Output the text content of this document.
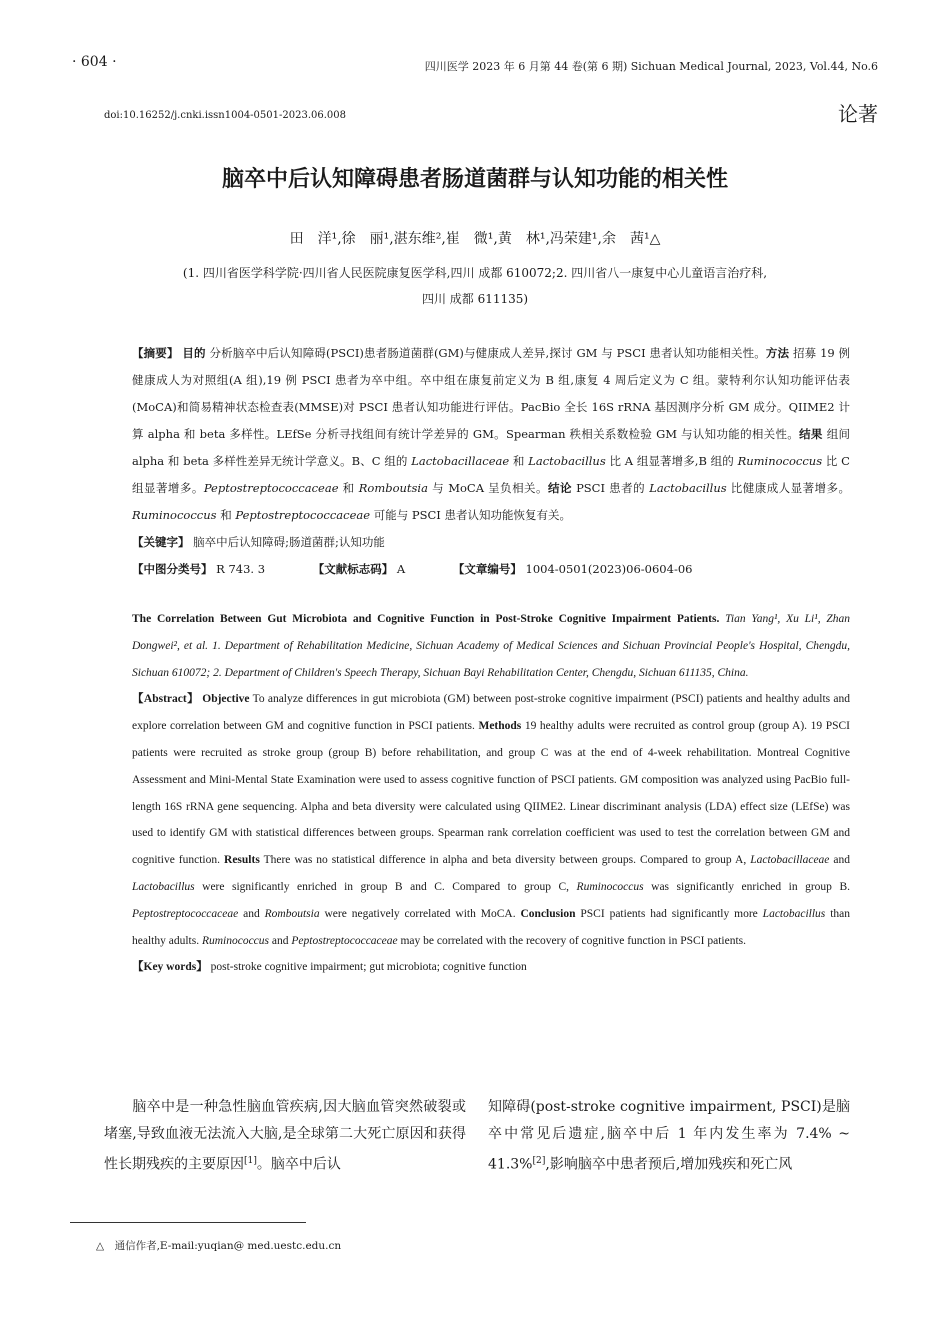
· 604 ·	四川医学 2023 年 6 月第 44 卷(第 6 期) Sichuan Medical Journal, 2023, Vol.44, No.6
doi:10.16252/j.cnki.issn1004-0501-2023.06.008	论著
脑卒中后认知障碍患者肠道菌群与认知功能的相关性
田　洋¹,徐　丽¹,湛东维²,崔　微¹,黄　林¹,冯荣建¹,余　茜¹△
(1. 四川省医学科学院·四川省人民医院康复医学科,四川 成都 610072;2. 四川省八一康复中心儿童语言治疗科,
四川 成都 611135)
【摘要】 目的 分析脑卒中后认知障碍(PSCI)患者肠道菌群(GM)与健康成人差异,探讨 GM 与 PSCI 患者认知功能相关性。方法 招募 19 例健康成人为对照组(A 组),19 例 PSCI 患者为卒中组。卒中组在康复前定义为 B 组,康复 4 周后定义为 C 组。蒙特利尔认知功能评估表(MoCA)和简易精神状态检查表(MMSE)对 PSCI 患者认知功能进行评估。PacBio 全长 16S rRNA 基因测序分析 GM 成分。QIIME2 计算 alpha 和 beta 多样性。LEfSe 分析寻找组间有统计学差异的 GM。Spearman 秩相关系数检验 GM 与认知功能的相关性。结果 组间 alpha 和 beta 多样性差异无统计学意义。B、C 组的 Lactobacillaceae 和 Lactobacillus 比 A 组显著增多,B 组的 Ruminococcus 比 C 组显著增多。Peptostreptococcaceae 和 Romboutsia 与 MoCA 呈负相关。结论 PSCI 患者的 Lactobacillus 比健康成人显著增多。Ruminococcus 和 Peptostreptococcaceae 可能与 PSCI 患者认知功能恢复有关。
【关键字】 脑卒中后认知障碍;肠道菌群;认知功能
【中图分类号】 R 743. 3	【文献标志码】 A	【文章编号】 1004-0501(2023)06-0604-06
The Correlation Between Gut Microbiota and Cognitive Function in Post-Stroke Cognitive Impairment Patients. Tian Yang¹, Xu Li¹, Zhan Dongwei², et al. 1. Department of Rehabilitation Medicine, Sichuan Academy of Medical Sciences and Sichuan Provincial People's Hospital, Chengdu, Sichuan 610072; 2. Department of Children's Speech Therapy, Sichuan Bayi Rehabilitation Center, Chengdu, Sichuan 611135, China.
【Abstract】 Objective To analyze differences in gut microbiota (GM) between post-stroke cognitive impairment (PSCI) patients and healthy adults and explore correlation between GM and cognitive function in PSCI patients. Methods 19 healthy adults were recruited as control group (group A). 19 PSCI patients were recruited as stroke group (group B) before rehabilitation, and group C was at the end of 4-week rehabilitation. Montreal Cognitive Assessment and Mini-Mental State Examination were used to assess cognitive function of PSCI patients. GM composition was analyzed using PacBio full-length 16S rRNA gene sequencing. Alpha and beta diversity were calculated using QIIME2. Linear discriminant analysis (LDA) effect size (LEfSe) was used to identify GM with statistical differences between groups. Spearman rank correlation coefficient was used to test the correlation between GM and cognitive function. Results There was no statistical difference in alpha and beta diversity between groups. Compared to group A, Lactobacillaceae and Lactobacillus were significantly enriched in group B and C. Compared to group C, Ruminococcus was significantly enriched in group B. Peptostreptococcaceae and Romboutsia were negatively correlated with MoCA. Conclusion PSCI patients had significantly more Lactobacillus than healthy adults. Ruminococcus and Peptostreptococcaceae may be correlated with the recovery of cognitive function in PSCI patients.
【Key words】 post-stroke cognitive impairment; gut microbiota; cognitive function
脑卒中是一种急性脑血管疾病,因大脑血管突然破裂或堵塞,导致血液无法流入大脑,是全球第二大死亡原因和获得性长期残疾的主要原因[1]。脑卒中后认
知障碍(post-stroke cognitive impairment, PSCI)是脑卒中常见后遗症,脑卒中后 1 年内发生率为 7.4% ~ 41.3%[2],影响脑卒中患者预后,增加残疾和死亡风
△　通信作者,E-mail:yuqian@ med.uestc.edu.cn
